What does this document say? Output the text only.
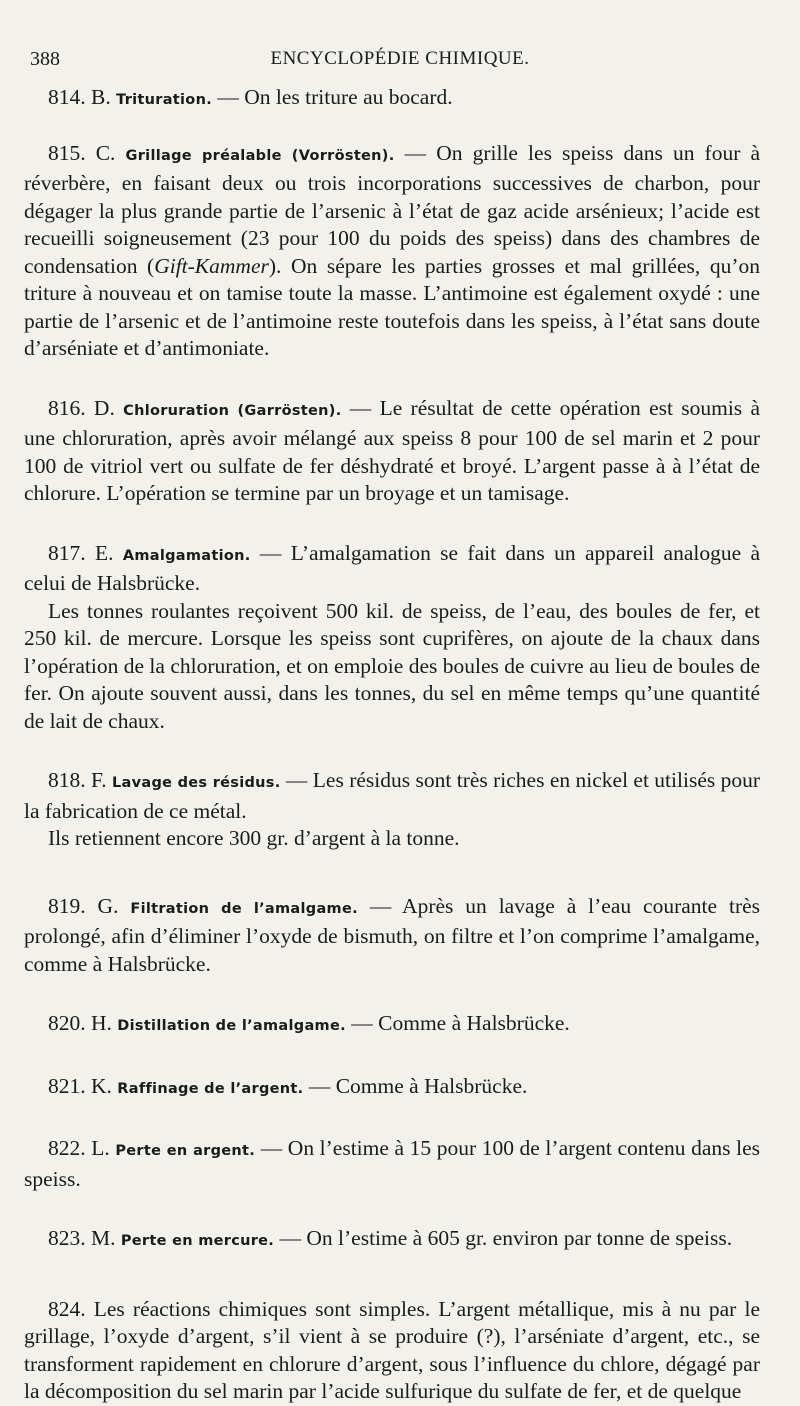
388	ENCYCLOPÉDIE CHIMIQUE.

814. B. Trituration. — On les triture au bocard.

815. C. Grillage préalable (Vorrösten). — On grille les speiss dans un four à réverbère, en faisant deux ou trois incorporations successives de charbon, pour dégager la plus grande partie de l’arsenic à l’état de gaz acide arsénieux; l’acide est recueilli soigneusement (23 pour 100 du poids des speiss) dans des chambres de condensation (Gift-Kammer). On sépare les parties grosses et mal grillées, qu’on triture à nouveau et on tamise toute la masse. L’antimoine est également oxydé : une partie de l’arsenic et de l’antimoine reste toutefois dans les speiss, à l’état sans doute d’arséniate et d’antimoniate.

816. D. Chloruration (Garrösten). — Le résultat de cette opération est soumis à une chloruration, après avoir mélangé aux speiss 8 pour 100 de sel marin et 2 pour 100 de vitriol vert ou sulfate de fer déshydraté et broyé. L’argent passe à à l’état de chlorure. L’opération se termine par un broyage et un tamisage.

817. E. Amalgamation. — L’amalgamation se fait dans un appareil analogue à celui de Halsbrücke.

Les tonnes roulantes reçoivent 500 kil. de speiss, de l’eau, des boules de fer, et 250 kil. de mercure. Lorsque les speiss sont cuprifères, on ajoute de la chaux dans l’opération de la chloruration, et on emploie des boules de cuivre au lieu de boules de fer. On ajoute souvent aussi, dans les tonnes, du sel en même temps qu’une quantité de lait de chaux.

818. F. Lavage des résidus. — Les résidus sont très riches en nickel et utilisés pour la fabrication de ce métal.

Ils retiennent encore 300 gr. d’argent à la tonne.

819. G. Filtration de l’amalgame. — Après un lavage à l’eau courante très prolongé, afin d’éliminer l’oxyde de bismuth, on filtre et l’on comprime l’amalgame, comme à Halsbrücke.

820. H. Distillation de l’amalgame. — Comme à Halsbrücke.

821. K. Raffinage de l’argent. — Comme à Halsbrücke.

822. L. Perte en argent. — On l’estime à 15 pour 100 de l’argent contenu dans les speiss.

823. M. Perte en mercure. — On l’estime à 605 gr. environ par tonne de speiss.

824. Les réactions chimiques sont simples. L’argent métallique, mis à nu par le grillage, l’oxyde d’argent, s’il vient à se produire (?), l’arséniate d’argent, etc., se transforment rapidement en chlorure d’argent, sous l’influence du chlore, dégagé par la décomposition du sel marin par l’acide sulfurique du sulfate de fer, et de quelque
